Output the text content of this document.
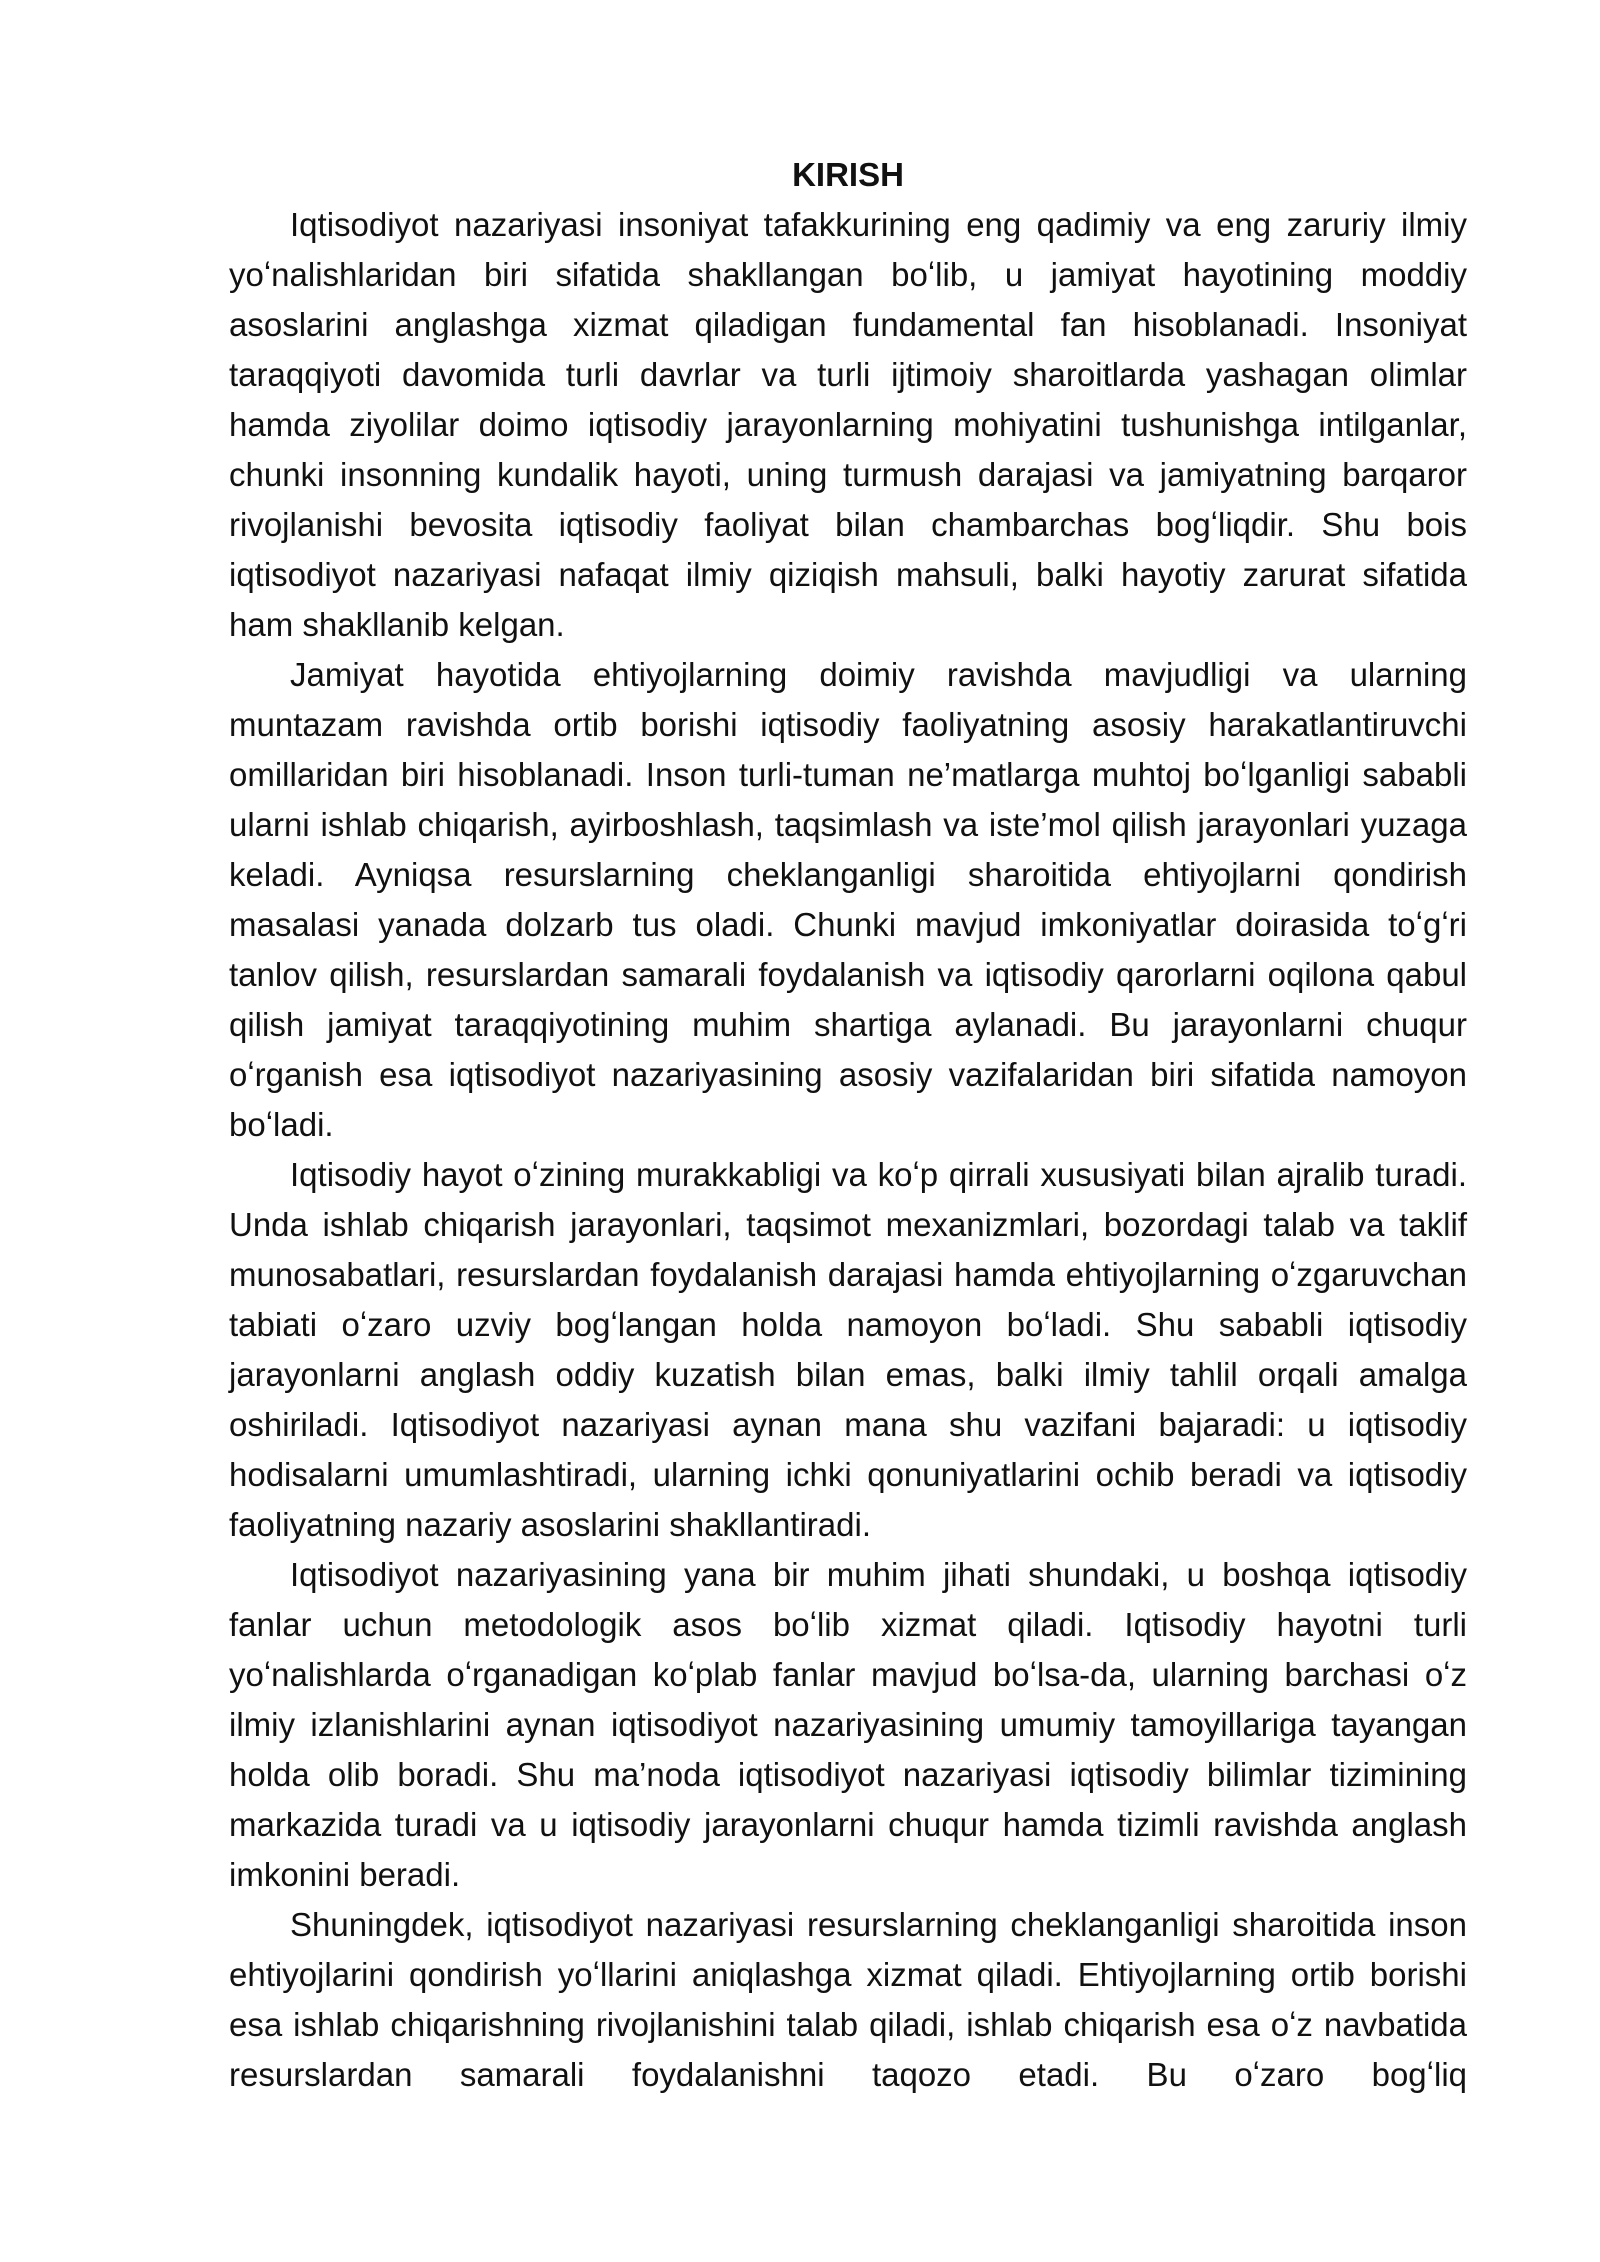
KIRISH

Iqtisodiyot nazariyasi insoniyat tafakkurining eng qadimiy va eng zaruriy ilmiy yoʻnalishlaridan biri sifatida shakllangan boʻlib, u jamiyat hayotining moddiy asoslarini anglashga xizmat qiladigan fundamental fan hisoblanadi. Insoniyat taraqqiyoti davomida turli davrlar va turli ijtimoiy sharoitlarda yashagan olimlar hamda ziyolilar doimo iqtisodiy jarayonlarning mohiyatini tushunishga intilganlar, chunki insonning kundalik hayoti, uning turmush darajasi va jamiyatning barqaror rivojlanishi bevosita iqtisodiy faoliyat bilan chambarchas bogʻliqdir. Shu bois iqtisodiyot nazariyasi nafaqat ilmiy qiziqish mahsuli, balki hayotiy zarurat sifatida ham shakllanib kelgan.

Jamiyat hayotida ehtiyojlarning doimiy ravishda mavjudligi va ularning muntazam ravishda ortib borishi iqtisodiy faoliyatning asosiy harakatlantiruvchi omillaridan biri hisoblanadi. Inson turli-tuman ne’matlarga muhtoj boʻlganligi sababli ularni ishlab chiqarish, ayirboshlash, taqsimlash va iste’mol qilish jarayonlari yuzaga keladi. Ayniqsa resurslarning cheklanganligi sharoitida ehtiyojlarni qondirish masalasi yanada dolzarb tus oladi. Chunki mavjud imkoniyatlar doirasida toʻgʻri tanlov qilish, resurslardan samarali foydalanish va iqtisodiy qarorlarni oqilona qabul qilish jamiyat taraqqiyotining muhim shartiga aylanadi. Bu jarayonlarni chuqur oʻrganish esa iqtisodiyot nazariyasining asosiy vazifalaridan biri sifatida namoyon boʻladi.

Iqtisodiy hayot oʻzining murakkabligi va koʻp qirrali xususiyati bilan ajralib turadi. Unda ishlab chiqarish jarayonlari, taqsimot mexanizmlari, bozordagi talab va taklif munosabatlari, resurslardan foydalanish darajasi hamda ehtiyojlarning oʻzgaruvchan tabiati oʻzaro uzviy bogʻlangan holda namoyon boʻladi. Shu sababli iqtisodiy jarayonlarni anglash oddiy kuzatish bilan emas, balki ilmiy tahlil orqali amalga oshiriladi. Iqtisodiyot nazariyasi aynan mana shu vazifani bajaradi: u iqtisodiy hodisalarni umumlashtiradi, ularning ichki qonuniyatlarini ochib beradi va iqtisodiy faoliyatning nazariy asoslarini shakllantiradi.

Iqtisodiyot nazariyasining yana bir muhim jihati shundaki, u boshqa iqtisodiy fanlar uchun metodologik asos boʻlib xizmat qiladi. Iqtisodiy hayotni turli yoʻnalishlarda oʻrganadigan koʻplab fanlar mavjud boʻlsa-da, ularning barchasi oʻz ilmiy izlanishlarini aynan iqtisodiyot nazariyasining umumiy tamoyillariga tayangan holda olib boradi. Shu ma’noda iqtisodiyot nazariyasi iqtisodiy bilimlar tizimining markazida turadi va u iqtisodiy jarayonlarni chuqur hamda tizimli ravishda anglash imkonini beradi.

Shuningdek, iqtisodiyot nazariyasi resurslarning cheklanganligi sharoitida inson ehtiyojlarini qondirish yoʻllarini aniqlashga xizmat qiladi. Ehtiyojlarning ortib borishi esa ishlab chiqarishning rivojlanishini talab qiladi, ishlab chiqarish esa oʻz navbatida resurslardan samarali foydalanishni taqozo etadi. Bu oʻzaro bogʻliq
